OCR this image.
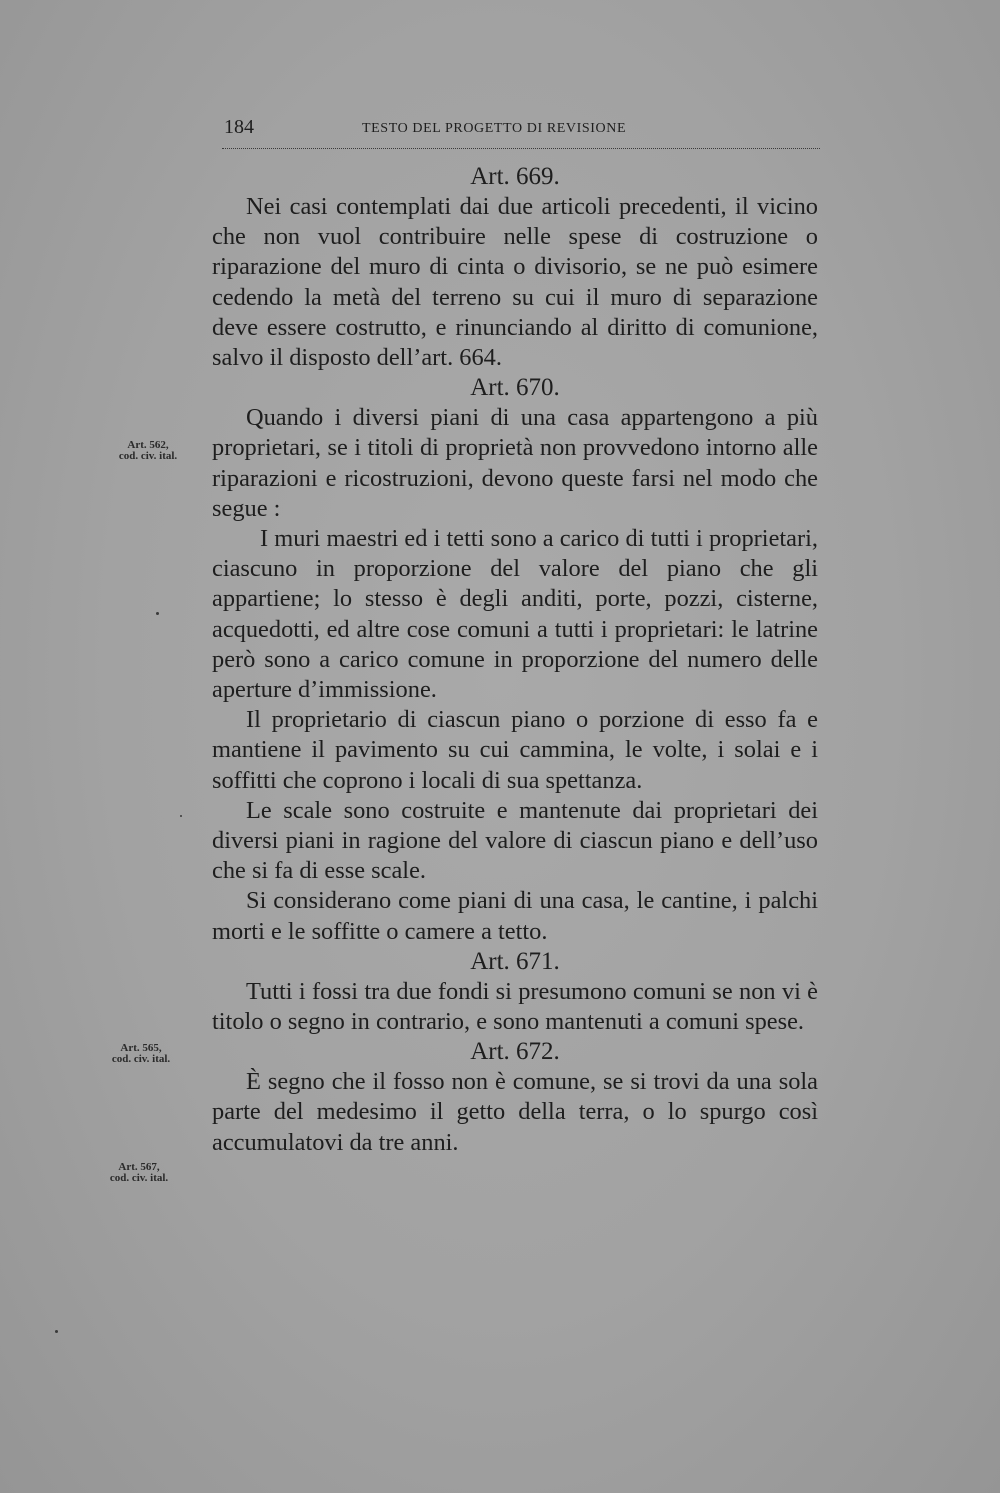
184	TESTO DEL PROGETTO DI REVISIONE
Art. 562,
cod. civ. ital.
Art. 565,
cod. civ. ital.
Art. 567,
cod. civ. ital.

Art. 669.

Nei casi contemplati dai due articoli precedenti, il vicino che non vuol contribuire nelle spese di costruzione o riparazione del muro di cinta o divisorio, se ne può esimere cedendo la metà del terreno su cui il muro di separazione deve essere costrutto, e rinunciando al diritto di comunione, salvo il disposto dell’art. 664.

Art. 670.

Quando i diversi piani di una casa appartengono a più proprietari, se i titoli di proprietà non provvedono intorno alle riparazioni e ricostruzioni, devono queste farsi nel modo che segue :

I muri maestri ed i tetti sono a carico di tutti i proprietari, ciascuno in proporzione del valore del piano che gli appartiene; lo stesso è degli anditi, porte, pozzi, cisterne, acquedotti, ed altre cose comuni a tutti i proprietari: le latrine però sono a carico comune in proporzione del numero delle aperture d’immissione.

Il proprietario di ciascun piano o porzione di esso fa e mantiene il pavimento su cui cammina, le volte, i solai e i soffitti che coprono i locali di sua spettanza.

Le scale sono costruite e mantenute dai proprietari dei diversi piani in ragione del valore di ciascun piano e dell’uso che si fa di esse scale.

Si considerano come piani di una casa, le cantine, i palchi morti e le soffitte o camere a tetto.

Art. 671.

Tutti i fossi tra due fondi si presumono comuni se non vi è titolo o segno in contrario, e sono mantenuti a comuni spese.

Art. 672.

È segno che il fosso non è comune, se si trovi da una sola parte del medesimo il getto della terra, o lo spurgo così accumulatovi da tre anni.
